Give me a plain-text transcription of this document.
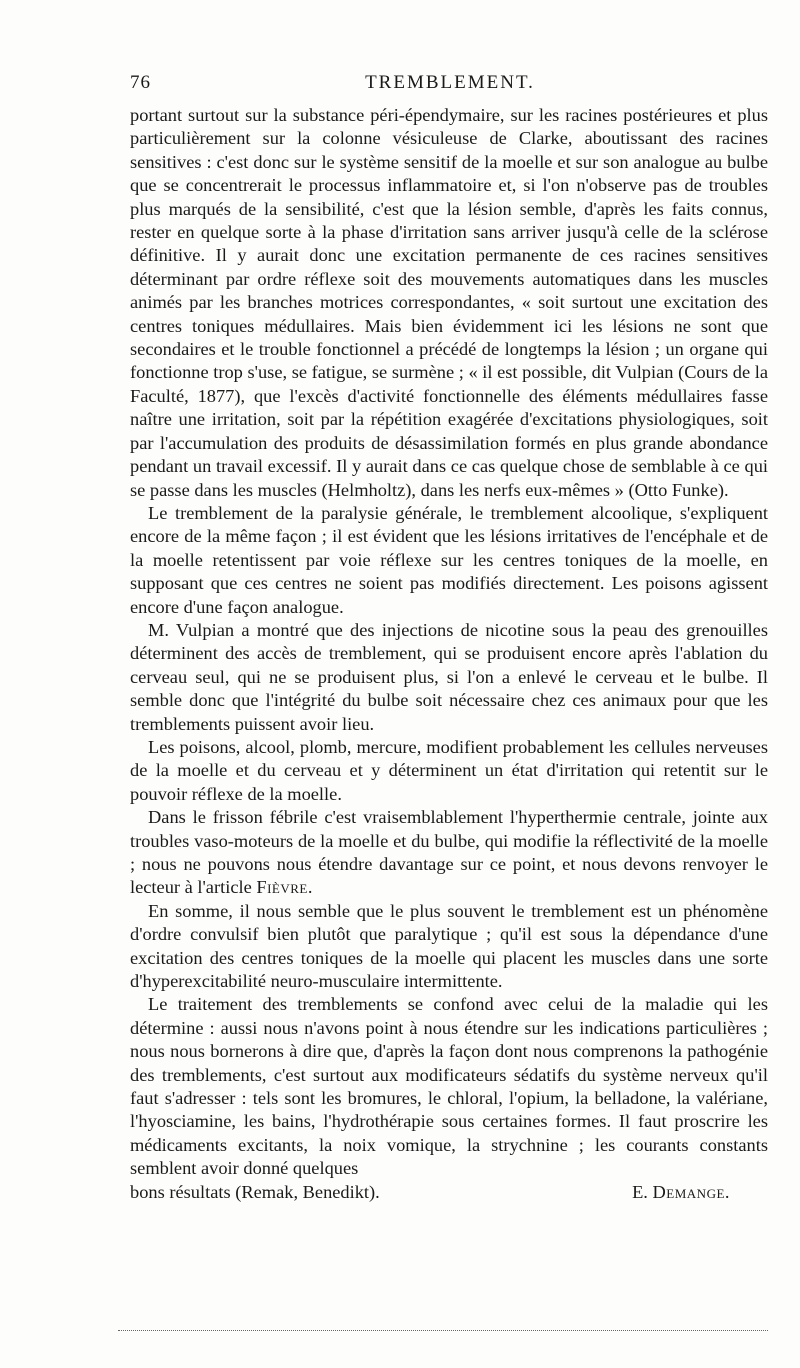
76	TREMBLEMENT.

portant surtout sur la substance péri-épendymaire, sur les racines postérieures et plus particulièrement sur la colonne vésiculeuse de Clarke, aboutissant des racines sensitives : c'est donc sur le système sensitif de la moelle et sur son analogue au bulbe que se concentrerait le processus inflammatoire et, si l'on n'observe pas de troubles plus marqués de la sensibilité, c'est que la lésion semble, d'après les faits connus, rester en quelque sorte à la phase d'irritation sans arriver jusqu'à celle de la sclérose définitive. Il y aurait donc une excitation permanente de ces racines sensitives déterminant par ordre réflexe soit des mouvements automatiques dans les muscles animés par les branches motrices correspondantes, « soit surtout une excitation des centres toniques médullaires. Mais bien évidemment ici les lésions ne sont que secondaires et le trouble fonctionnel a précédé de longtemps la lésion ; un organe qui fonctionne trop s'use, se fatigue, se surmène ; « il est possible, dit Vulpian (Cours de la Faculté, 1877), que l'excès d'activité fonctionnelle des éléments médullaires fasse naître une irritation, soit par la répétition exagérée d'excitations physiologiques, soit par l'accumulation des produits de désassimilation formés en plus grande abondance pendant un travail excessif. Il y aurait dans ce cas quelque chose de semblable à ce qui se passe dans les muscles (Helmholtz), dans les nerfs eux-mêmes » (Otto Funke).

Le tremblement de la paralysie générale, le tremblement alcoolique, s'expliquent encore de la même façon ; il est évident que les lésions irritatives de l'encéphale et de la moelle retentissent par voie réflexe sur les centres toniques de la moelle, en supposant que ces centres ne soient pas modifiés directement. Les poisons agissent encore d'une façon analogue.

M. Vulpian a montré que des injections de nicotine sous la peau des grenouilles déterminent des accès de tremblement, qui se produisent encore après l'ablation du cerveau seul, qui ne se produisent plus, si l'on a enlevé le cerveau et le bulbe. Il semble donc que l'intégrité du bulbe soit nécessaire chez ces animaux pour que les tremblements puissent avoir lieu.

Les poisons, alcool, plomb, mercure, modifient probablement les cellules nerveuses de la moelle et du cerveau et y déterminent un état d'irritation qui retentit sur le pouvoir réflexe de la moelle.

Dans le frisson fébrile c'est vraisemblablement l'hyperthermie centrale, jointe aux troubles vaso-moteurs de la moelle et du bulbe, qui modifie la réflectivité de la moelle ; nous ne pouvons nous étendre davantage sur ce point, et nous devons renvoyer le lecteur à l'article Fièvre.

En somme, il nous semble que le plus souvent le tremblement est un phénomène d'ordre convulsif bien plutôt que paralytique ; qu'il est sous la dépendance d'une excitation des centres toniques de la moelle qui placent les muscles dans une sorte d'hyperexcitabilité neuro-musculaire intermittente.

Le traitement des tremblements se confond avec celui de la maladie qui les détermine : aussi nous n'avons point à nous étendre sur les indications particulières ; nous nous bornerons à dire que, d'après la façon dont nous comprenons la pathogénie des tremblements, c'est surtout aux modificateurs sédatifs du système nerveux qu'il faut s'adresser : tels sont les bromures, le chloral, l'opium, la belladone, la valériane, l'hyosciamine, les bains, l'hydrothérapie sous certaines formes. Il faut proscrire les médicaments excitants, la noix vomique, la strychnine ; les courants constants semblent avoir donné quelques

bons résultats (Remak, Benedikt).	E. Demange.
